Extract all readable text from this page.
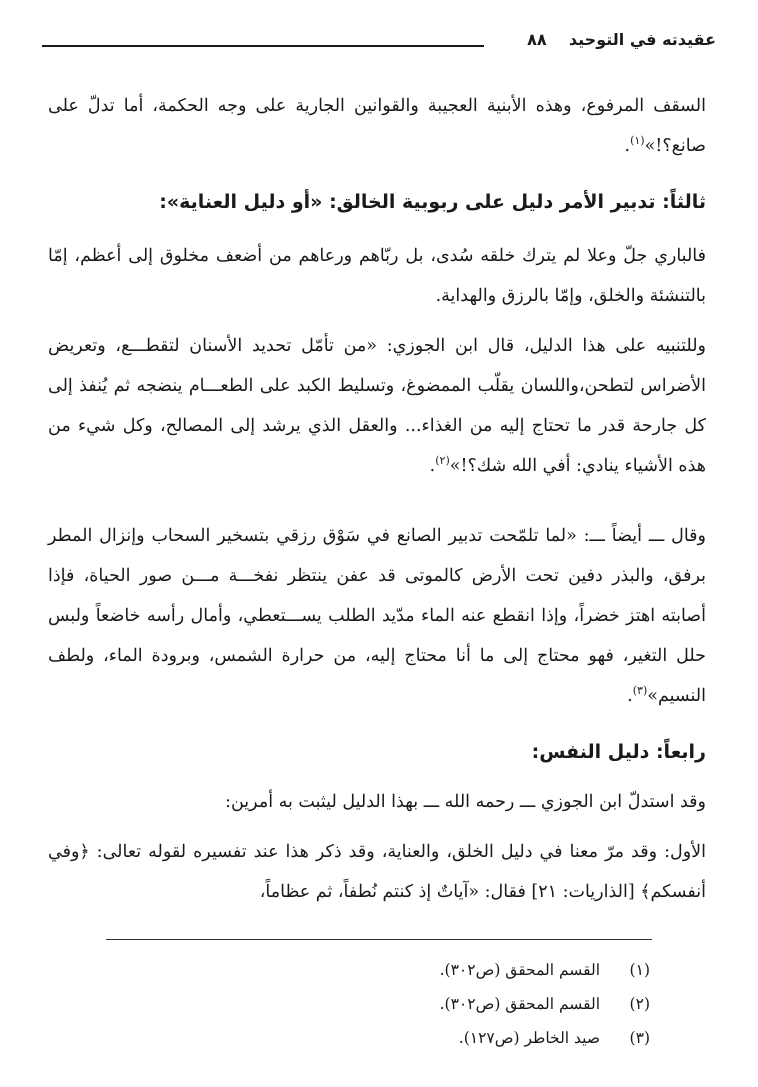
عقيدته في التوحيد    ٨٨
السقف المرفوع، وهذه الأبنية العجيبة والقوانين الجارية على وجه الحكمة، أما تدلّ على صانع؟!»$^{(١)}$.
ثالثاً: تدبير الأمر دليل على ربوبية الخالق: «أو دليل العناية»:
فالباري جلّ وعلا لم يترك خلقه سُدى، بل ربّاهم ورعاهم من أضعف مخلوق إلى أعظم، إمّا بالتنشئة والخلق، وإمّا بالرزق والهداية.
وللتنبيه على هذا الدليل، قال ابن الجوزي: «من تأمّل تحديد الأسنان لتقطـــع، وتعريض الأضراس لتطحن،واللسان يقلّب الممضوغ، وتسليط الكبد على الطعـــام ينضجه ثم يُنفذ إلى كل جارحة قدر ما تحتاج إليه من الغذاء... والعقل الذي يرشد إلى المصالح، وكل شيء من هذه الأشياء ينادي: أفي الله شك؟!»$^{(٢)}$.
وقال ـــ أيضاً ـــ: «لما تلمّحت تدبير الصانع في سَوْق رزقي بتسخير السحاب وإنزال المطر برفق، والبذر دفين تحت الأرض كالموتى قد عفن ينتظر نفخـــة مـــن صور الحياة، فإذا أصابته اهتز خضراً، وإذا انقطع عنه الماء مدّيد الطلب يســـتعطي، وأمال رأسه خاضعاً ولبس حلل التغير، فهو محتاج إلى ما أنا محتاج إليه، من حرارة الشمس، وبرودة الماء، ولطف النسيم»$^{(٣)}$.
رابعاً: دليل النفس:
وقد استدلّ ابن الجوزي ـــ رحمه الله ـــ بهذا الدليل ليثبت به أمرين:
الأول: وقد مرّ معنا في دليل الخلق، والعناية، وقد ذكر هذا عند تفسيره لقوله تعالى: ﴿وفي أنفسكم﴾ [الذاريات: ٢١] فقال: «آياتٌ إذ كنتم نُطفاً، ثم عظاماً،
(١)القسم المحقق (ص٣٠٢).
(٢)القسم المحقق (ص٣٠٢).
(٣)صيد الخاطر (ص١٢٧).
